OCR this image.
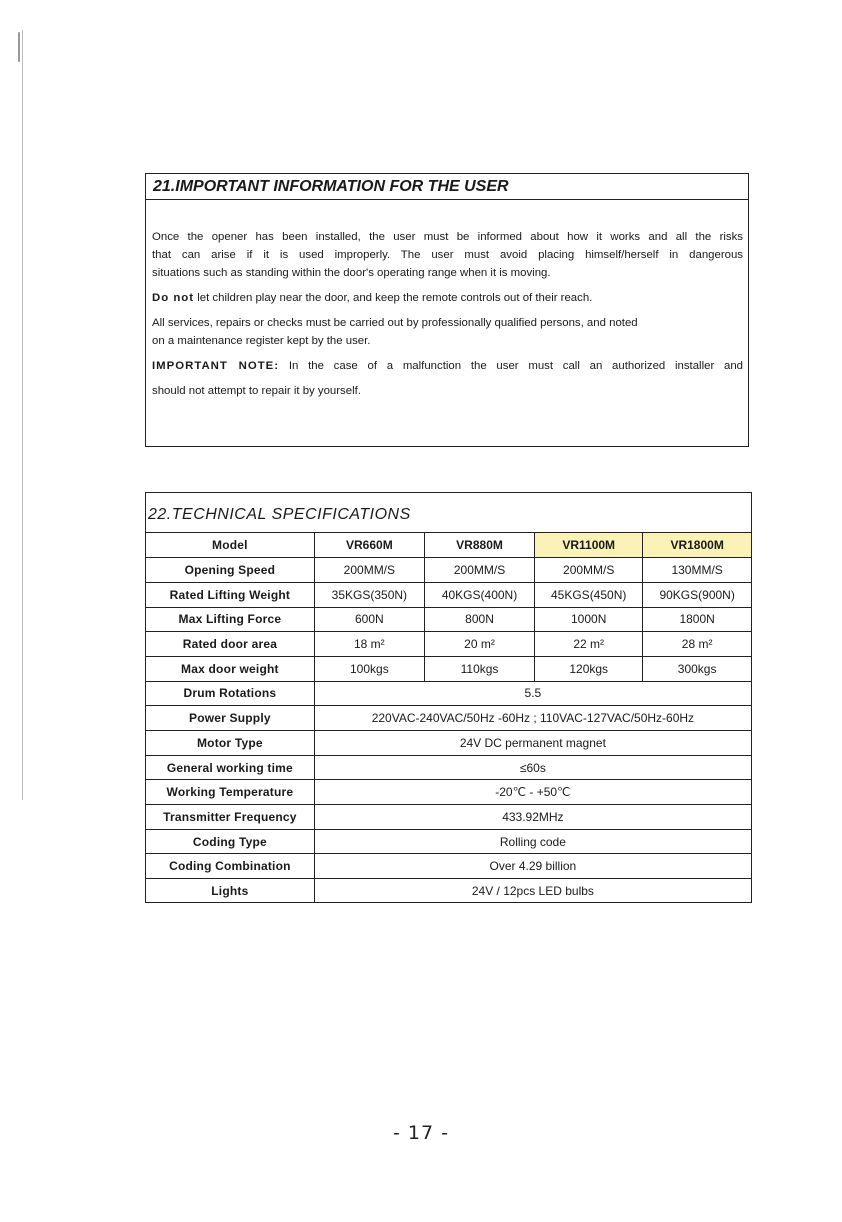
21.IMPORTANT INFORMATION FOR THE USER

Once the opener has been installed, the user must be informed about how it works and all the risks

that can arise if it is used improperly. The user must avoid placing himself/herself in dangerous

situations such as standing within the door's operating range when it is moving.

Do not let children play near the door, and keep the remote controls out of their reach.

All services, repairs or checks must be carried out by professionally qualified persons, and noted

on a maintenance register kept by the user.

IMPORTANT NOTE: In the case of a malfunction the user must call an authorized installer and

should not attempt to repair it by yourself.

22.TECHNICAL SPECIFICATIONS
Model	VR660M	VR880M	VR1100M	VR1800M
Opening Speed	200MM/S	200MM/S	200MM/S	130MM/S
Rated Lifting Weight	35KGS(350N)	40KGS(400N)	45KGS(450N)	90KGS(900N)
Max Lifting Force	600N	800N	1000N	1800N
Rated door area	18 m²	20 m²	22 m²	28 m²
Max door weight	100kgs	110kgs	120kgs	300kgs
Drum Rotations	5.5			
Power Supply	220VAC-240VAC/50Hz -60Hz ; 110VAC-127VAC/50Hz-60Hz			
Motor Type	24V DC permanent magnet			
General working time	≤60s			
Working Temperature	-20℃ - +50℃			
Transmitter Frequency	433.92MHz			
Coding Type	Rolling code			
Coding Combination	Over 4.29 billion			
Lights	24V / 12pcs LED bulbs			
- 17 -
